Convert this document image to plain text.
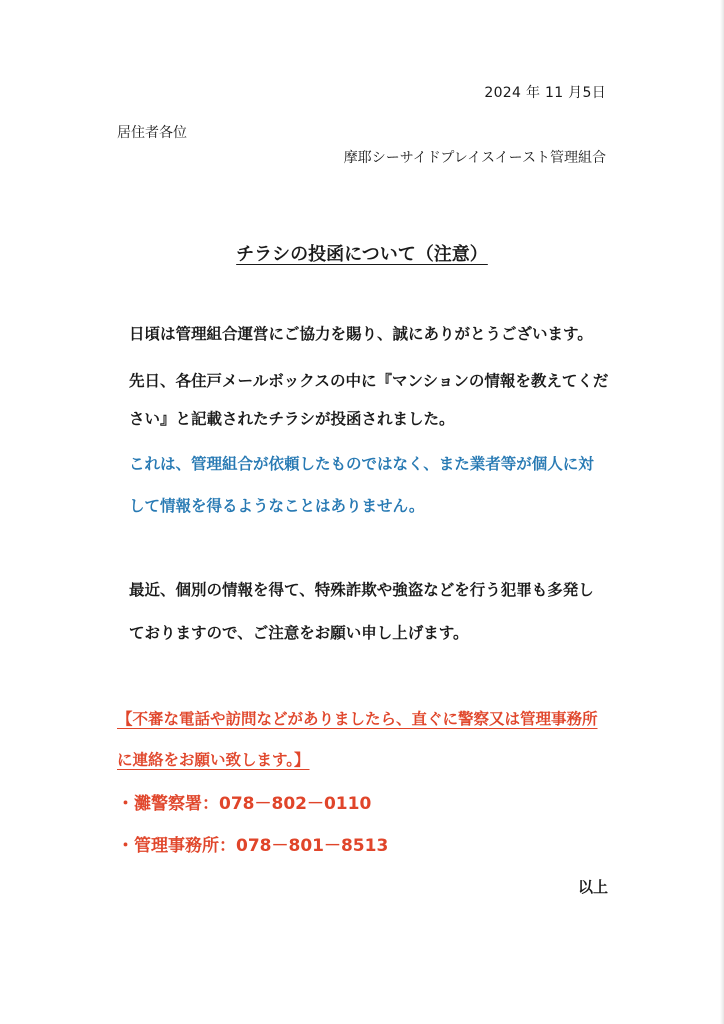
2024 年 11 月5日
居住者各位
摩耶シーサイドプレイスイースト管理組合
チラシの投函について（注意）
日頃は管理組合運営にご協力を賜り、誠にありがとうございます。
先日、各住戸メールボックスの中に『マンションの情報を教えてくだ
さい』と記載されたチラシが投函されました。
これは、管理組合が依頼したものではなく、また業者等が個人に対
して情報を得るようなことはありません。
最近、個別の情報を得て、特殊詐欺や強盗などを行う犯罪も多発し
ておりますので、ご注意をお願い申し上げます。
【不審な電話や訪問などがありましたら、直ぐに警察又は管理事務所
に連絡をお願い致します。】
・灘警察署：078－802－0110
・管理事務所：078－801－8513
以上
